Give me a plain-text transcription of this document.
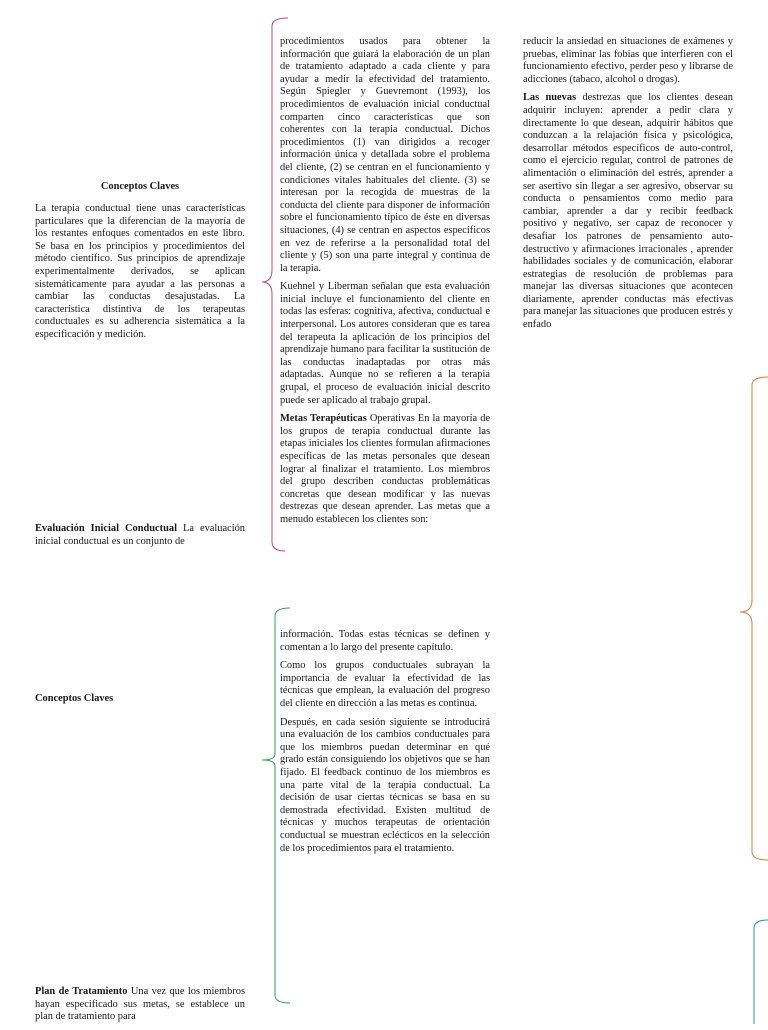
Conceptos Claves

La terapia conductual tiene unas características particulares que la diferencian de la mayoría de los restantes enfoques comentados en este libro. Se basa en los principios y procedimientos del método científico. Sus principios de aprendizaje experimentalmente derivados, se aplican sistemáticamente para ayudar a las personas a cambiar las conductas desajustadas. La característica distintiva de los terapeutas conductuales es su adherencia sistemática a la especificación y medición.

Evaluación Inicial Conductual La evaluación inicial conductual es un conjunto de

Conceptos Claves

Plan de Tratamiento Una vez que los miembros hayan especificado sus metas, se establece un plan de tratamiento para

procedimientos usados para obtener la información que guiará la elaboración de un plan de tratamiento adaptado a cada cliente y para ayudar a medir la efectividad del tratamiento. Según Spiegler y Guevremont (1993), los procedimientos de evaluación inicial conductual comparten cinco características que son coherentes con la terapia conductual. Dichos procedimientos (1) van dirigidos a recoger información única y detallada sobre el problema del cliente, (2) se centran en el funcionamiento y condiciones vitales habituales del cliente. (3) se interesan por la recogida de muestras de la conducta del cliente para disponer de información sobre el funcionamiento típico de éste en diversas situaciones, (4) se centran en aspectos específicos en vez de referirse a la personalidad total del cliente y (5) son una parte integral y continua de la terapia.

Kuehnel y Liberman señalan que esta evaluación inicial incluye el funcionamiento del cliente en todas las esferas: cognitiva, afectiva, conductual e interpersonal. Los autores consideran que es tarea del terapeuta la aplicación de los principios del aprendizaje humano para facilitar la sustitución de las conductas inadaptadas por otras más adaptadas. Aunque no se refieren a la terapia grupal, el proceso de evaluación inicial descrito puede ser aplicado al trabajo grupal.

Metas Terapéuticas Operativas En la mayoría de los grupos de terapia conductual durante las etapas iniciales los clientes formulan afirmaciones específicas de las metas personales que desean lograr al finalizar el tratamiento. Los miembros del grupo describen conductas problemáticas concretas que desean modificar y las nuevas destrezas que desean aprender. Las metas que a menudo establecen los clientes son:

información. Todas estas técnicas se definen y comentan a lo largo del presente capítulo.

Como los grupos conductuales subrayan la importancia de evaluar la efectividad de las técnicas que emplean, la evaluación del progreso del cliente en dirección a las metas es continua.

Después, en cada sesión siguiente se introducirá una evaluación de los cambios conductuales para que los miembros puedan determinar en qué grado están consiguiendo los objetivos que se han fijado. El feedback continuo de los miembros es una parte vital de la terapia conductual. La decisión de usar ciertas técnicas se basa en su demostrada efectividad. Existen multitud de técnicas y muchos terapeutas de orientación conductual se muestran eclécticos en la selección de los procedimientos para el tratamiento.

reducir la ansiedad en situaciones de exámenes y pruebas, eliminar las fobias que interfieren con el funcionamiento efectivo, perder peso y librarse de adicciones (tabaco, alcohol o drogas).

Las nuevas destrezas que los clientes desean adquirir incluyen: aprender a pedir clara y directamente lo que desean, adquirir hábitos que conduzcan a la relajación física y psicológica, desarrollar métodos específicos de auto-control, como el ejercicio regular, control de patrones de alimentación o eliminación del estrés, aprender a ser asertivo sin llegar a ser agresivo, observar su conducta o pensamientos como medio para cambiar, aprender a dar y recibir feedback positivo y negativo, ser capaz de reconocer y desafiar los patrones de pensamiento auto-destructivo y afirmaciones irracionales , aprender habilidades sociales y de comunicación, elaborar estrategias de resolución de problemas para manejar las diversas situaciones que acontecen diariamente, aprender conductas más efectivas para manejar las situaciones que producen estrés y enfado
